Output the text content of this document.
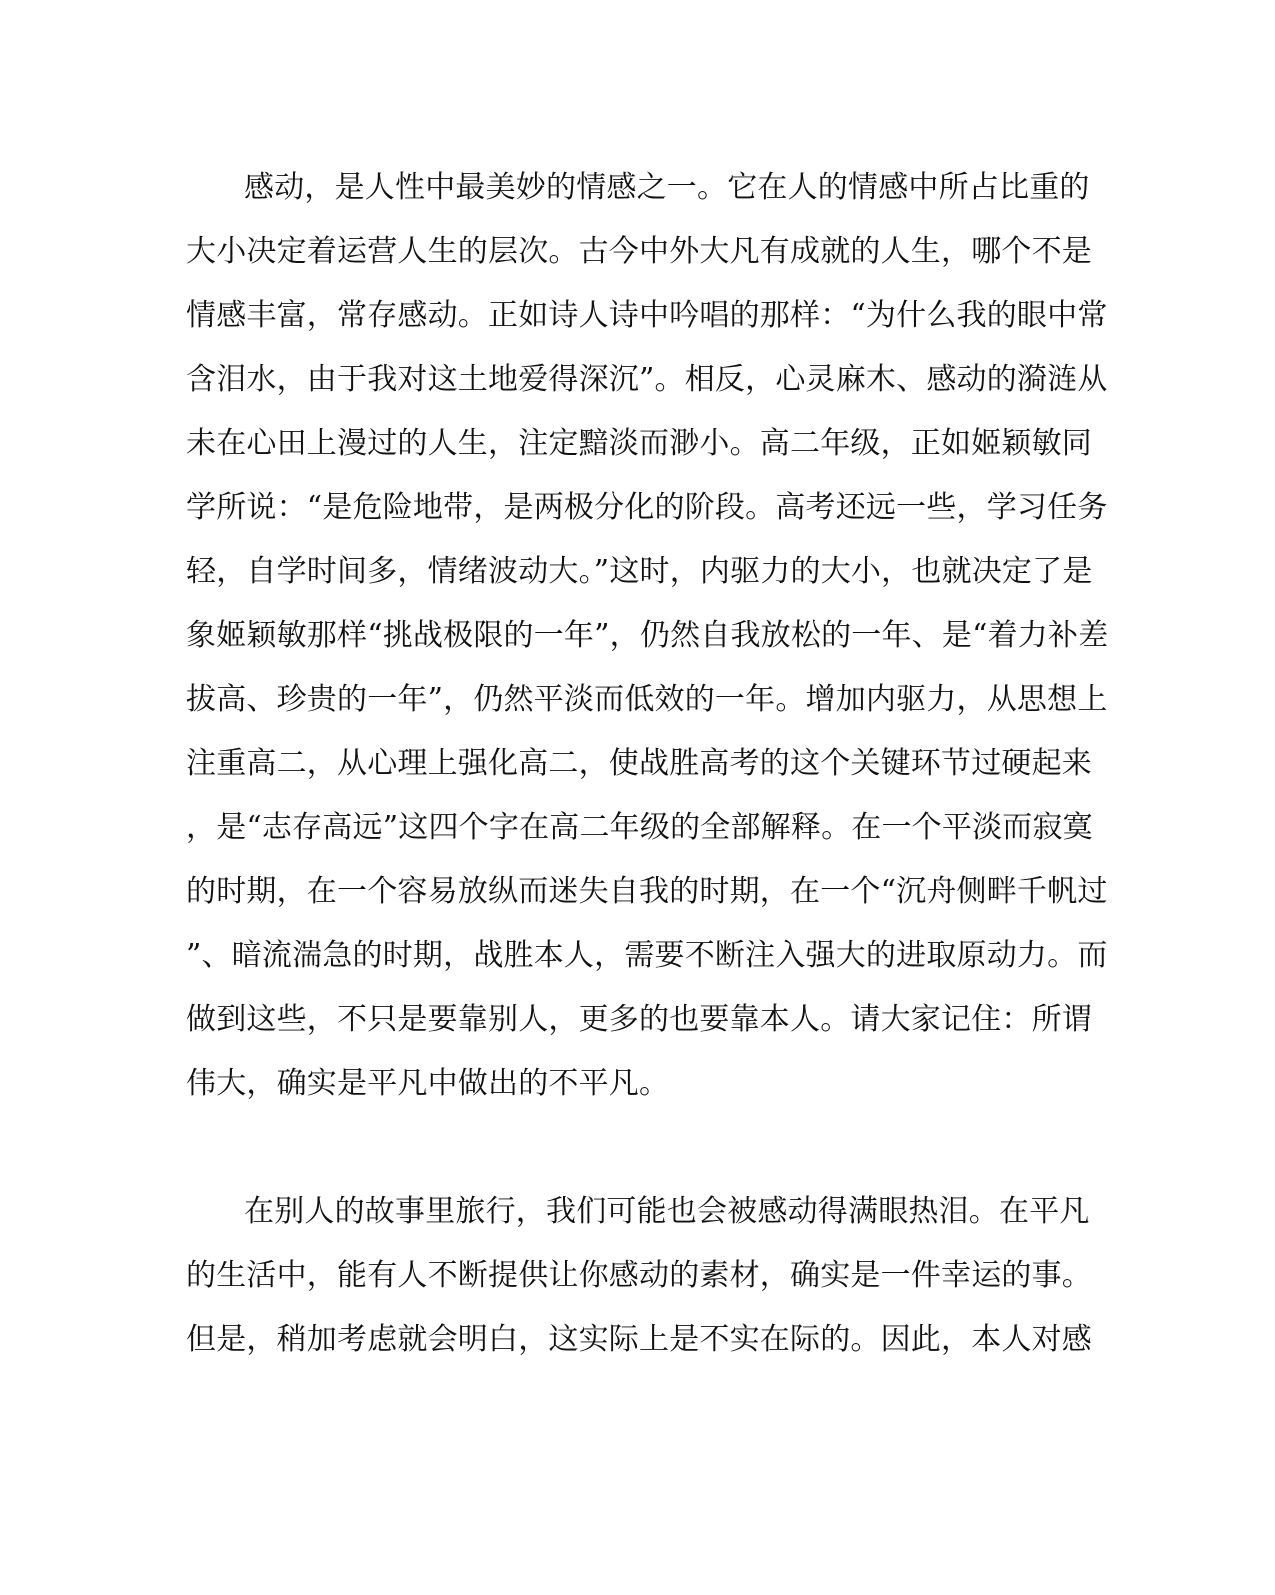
感动，是人性中最美妙的情感之一。它在人的情感中所占比重的
大小决定着运营人生的层次。古今中外大凡有成就的人生，哪个不是
情感丰富，常存感动。正如诗人诗中吟唱的那样：“为什么我的眼中常
含泪水，由于我对这土地爱得深沉”。相反，心灵麻木、感动的漪涟从
未在心田上漫过的人生，注定黯淡而渺小。高二年级，正如姬颖敏同
学所说：“是危险地带，是两极分化的阶段。高考还远一些，学习任务
轻，自学时间多，情绪波动大。”这时，内驱力的大小，也就决定了是
象姬颖敏那样“挑战极限的一年”，仍然自我放松的一年、是“着力补差
拔高、珍贵的一年”，仍然平淡而低效的一年。增加内驱力，从思想上
注重高二，从心理上强化高二，使战胜高考的这个关键环节过硬起来
，是“志存高远”这四个字在高二年级的全部解释。在一个平淡而寂寞
的时期，在一个容易放纵而迷失自我的时期，在一个“沉舟侧畔千帆过
”、暗流湍急的时期，战胜本人，需要不断注入强大的进取原动力。而
做到这些，不只是要靠别人，更多的也要靠本人。请大家记住：所谓
伟大，确实是平凡中做出的不平凡。
在别人的故事里旅行，我们可能也会被感动得满眼热泪。在平凡
的生活中，能有人不断提供让你感动的素材，确实是一件幸运的事。
但是，稍加考虑就会明白，这实际上是不实在际的。因此，本人对感
